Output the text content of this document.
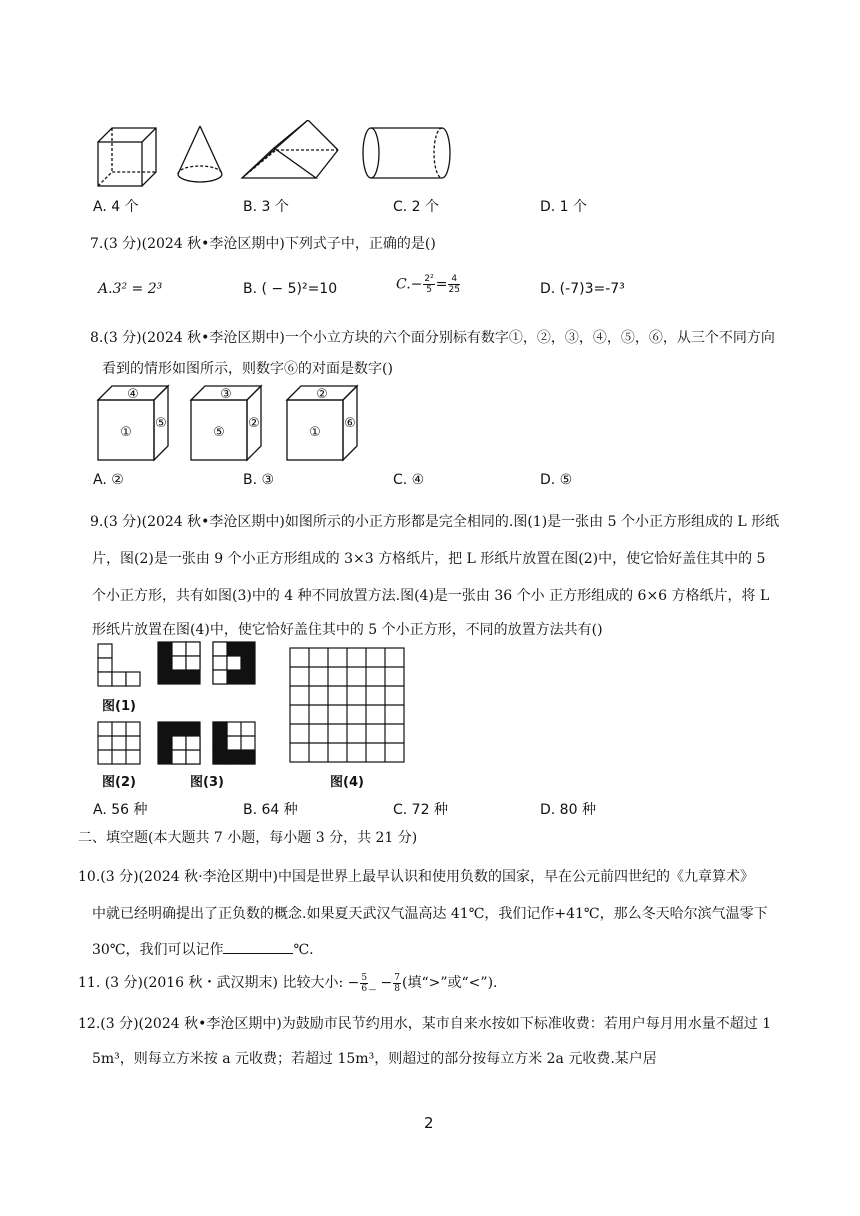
A. 4 个	B. 3 个	C. 2 个	D. 1 个
7.(3 分)(2024 秋•李沧区期中)下列式子中，正确的是()
A.3² = 2³	B. ( − 5)²=10	$C.- \frac{\text{2²}}{5} = \frac{4}{25}$	D. (-7)3=-7³
8.(3 分)(2024 秋•李沧区期中)一个小立方块的六个面分别标有数字①，②，③，④，⑤，⑥，从三个不同方向
看到的情形如图所示，则数字⑥的对面是数字()
④
①
⑤
③
⑤
②
②
①
⑥
A. ②	B. ③	C. ④	D. ⑤
9.(3 分)(2024 秋•李沧区期中)如图所示的小正方形都是完全相同的.图(1)是一张由 5 个小正方形组成的 L 形纸
片，图(2)是一张由 9 个小正方形组成的 3×3 方格纸片，把 L 形纸片放置在图(2)中，使它恰好盖住其中的 5
个小正方形，共有如图(3)中的 4 种不同放置方法.图(4)是一张由 36 个小 正方形组成的 6×6 方格纸片，将 L
形纸片放置在图(4)中，使它恰好盖住其中的 5 个小正方形，不同的放置方法共有()
图(1)
图(2)	图(3)	图(4)
A. 56 种	B. 64 种	C. 72 种	D. 80 种
二、填空题(本大题共 7 小题，每小题 3 分，共 21 分)
10.(3 分)(2024 秋·李沧区期中)中国是世界上最早认识和使用负数的国家，早在公元前四世纪的《九章算术》
中就已经明确提出了正负数的概念.如果夏天武汉气温高达 41℃，我们记作+41℃，那么冬天哈尔滨气温零下
30℃，我们可以记作	℃.
11. (3 分)(2016 秋・武汉期末) 比较大小: − $\frac{5}{6}$ _ − $\frac{7}{8}$ (填“>”或“<”).
12.(3 分)(2024 秋•李沧区期中)为鼓励市民节约用水，某市自来水按如下标准收费：若用户每月用水量不超过 1
5m³，则每立方米按 a 元收费；若超过 15m³，则超过的部分按每立方米 2a 元收费.某户居
2
